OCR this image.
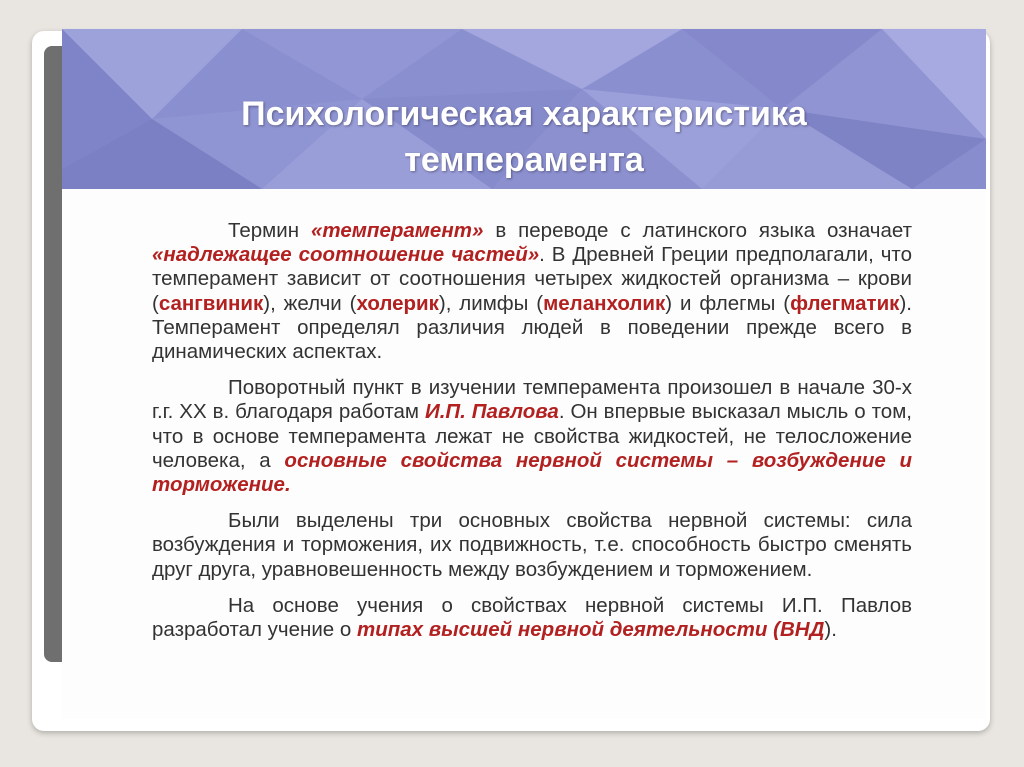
Психологическая характеристика
темперамента

Термин «темперамент» в переводе с латинского языка означает «надлежащее соотношение частей». В Древней Греции предполагали, что темперамент зависит от соотношения четырех жидкостей организма – крови (сангвиник), желчи (холерик), лимфы (меланхолик) и флегмы (флегматик). Темперамент определял различия людей в поведении прежде всего в динамических аспектах.

Поворотный пункт в изучении темперамента произошел в начале 30-х г.г. XX в. благодаря работам И.П. Павлова. Он впервые высказал мысль о том, что в основе темперамента лежат не свойства жидкостей, не телосложение человека, а основные свойства нервной системы – возбуждение и торможение.

Были выделены три основных свойства нервной системы: сила возбуждения и торможения, их подвижность, т.е. способность быстро сменять друг друга, уравновешенность между возбуждением и торможением.

На основе учения о свойствах нервной системы И.П. Павлов разработал учение о типах высшей нервной деятельности (ВНД).
